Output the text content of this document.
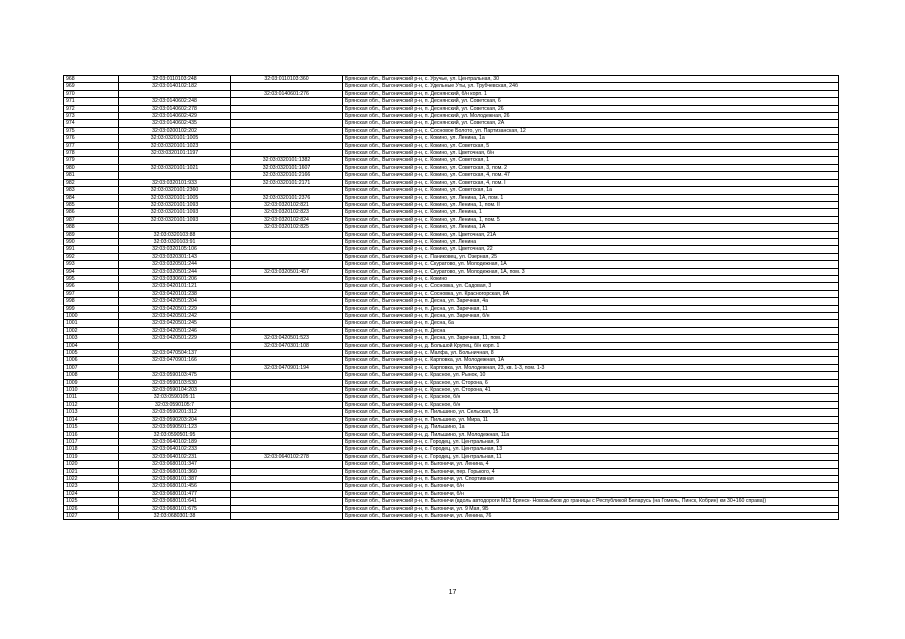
968	32:03:0110103:248	32:03:0110103:360	Брянская обл., Выгоничский р-н, с. Уручье, ул. Центральная, 30
969	32:03:0140102:182		Брянская обл., Выгоничский р-н, с. Удельные Уты, ул. Трубчевская, 24б
970		32:03:0140601:276	Брянская обл., Выгоничский р-н, п. Деснянский, б/н корп. 1
971	32:03:0140602:248		Брянская обл., Выгоничский р-н, п. Деснянский, ул. Советская, 6
972	32:03:0140602:278		Брянская обл., Выгоничский р-н, п. Деснянский, ул. Советская, 26
973	32:03:0140602:429		Брянская обл., Выгоничский р-н, п. Деснянский, ул. Молодежная, 26
974	32:03:0140602:435		Брянская обл., Выгоничский р-н, п. Деснянский, ул. Советская, 2А
975	32:03:0200102:202		Брянская обл., Выгоничский р-н, с. Сосновое Болото, ул. Партизанская, 12
976	32:03:0320101:1005		Брянская обл., Выгоничский р-н, с. Кокино, ул. Ленина, 1а
977	32:03:0320101:1023		Брянская обл., Выгоничский р-н, с. Кокино, ул. Советская, 5
978	32:03:0320101:1197		Брянская обл., Выгоничский р-н, с. Кокино, ул. Цветочная, б/н
979		32:03:0320101:1382	Брянская обл., Выгоничский р-н, с. Кокино, ул. Советская, 1
980	32:03:0320101:1021	32:03:0320101:1607	Брянская обл., Выгоничский р-н, с. Кокино, ул. Советская, 3, пом. 2
981		32:03:0320101:2166	Брянская обл., Выгоничский р-н, с. Кокино, ул. Советская, 4, пом. 47
982	32:03:0320101:933	32:03:0320101:2171	Брянская обл., Выгоничский р-н, с. Кокино, ул. Советская, 4, пом. I
983	32:03:0320101:2360		Брянская обл., Выгоничский р-н, с. Кокино, ул. Советская, 1а
984	32:03:0320101:1005	32:03:0320101:2376	Брянская обл., Выгоничский р-н, с. Кокино, ул. Ленина, 1А, пом. 1
985	32:03:0320101:1093	32:03:0320102:821	Брянская обл., Выгоничский р-н, с. Кокино, ул. Ленина, 1, пом. II
986	32:03:0320101:1093	32:03:0320102:823	Брянская обл., Выгоничский р-н, с. Кокино, ул. Ленина, 1
987	32:03:0320101:1093	32:03:0320102:824	Брянская обл., Выгоничский р-н, с. Кокино, ул. Ленина, 1, пом. 5
988		32:03:0320102:825	Брянская обл., Выгоничский р-н, с. Кокино, ул. Ленина, 1А
989	32:03:0320103:88		Брянская обл., Выгоничский р-н, с. Кокино, ул. Цветочная, 21А
990	32:03:0320103:91		Брянская обл., Выгоничский р-н, с. Кокино, ул. Ленина
991	32:03:0320105:106		Брянская обл., Выгоничский р-н, с. Кокино, ул. Цветочная, 22
992	32:03:0320301:143		Брянская обл., Выгоничский р-н, с. Паниковец, ул. Озерная, 25
993	32:03:0320501:244		Брянская обл., Выгоничский р-н, с. Скуратово, ул. Молодежная, 1А
994	32:03:0320501:244	32:03:0320501:457	Брянская обл., Выгоничский р-н, с. Скуратово, ул. Молодежная, 1А, пом. 3
995	32:03:0330601:206		Брянская обл., Выгоничский р-н, с. Кокино
996	32:03:0420101:121		Брянская обл., Выгоничский р-н, с. Сосновка, ул. Садовая, 3
997	32:03:0420101:238		Брянская обл., Выгоничский р-н, с. Сосновка, ул. Красногорская, 8А
998	32:03:0420501:204		Брянская обл., Выгоничский р-н, п. Десна, ул. Заречная, 4а
999	32:03:0420501:229		Брянская обл., Выгоничский р-н, п. Десна, ул. Заречная, 11
1000	32:03:0420501:242		Брянская обл., Выгоничский р-н, п. Десна, ул. Заречная, б/н
1001	32:03:0420501:245		Брянская обл., Выгоничский р-н, п. Десна, 6а
1002	32:03:0420501:246		Брянская обл., Выгоничский р-н, п. Десна
1003	32:03:0420501:229	32:03:0420501:523	Брянская обл., Выгоничский р-н, п. Десна, ул. Заречная, 11, пом. 2
1004		32:03:0470301:108	Брянская обл., Выгоничский р-н, д. Большой Крупец, б/н корп. 1
1005	32:03:0470504:137		Брянская обл., Выгоничский р-н, с. Малфа, ул. Больничная, 8
1006	32:03:0470901:166		Брянская обл., Выгоничский р-н, с. Карповка, ул. Молодежная, 1А
1007		32:03:0470901:194	Брянская обл., Выгоничский р-н, с. Карповка, ул. Молодежная, 23, кв. 1-3, пом. 1-3
1008	32:03:0590103:475		Брянская обл., Выгоничский р-н, с. Красное, ул. Рынок, 10
1009	32:03:0590103:530		Брянская обл., Выгоничский р-н, с. Красное, ул. Сторона, 6
1010	32:03:0590104:203		Брянская обл., Выгоничский р-н, с. Красное, ул. Сторона, 41
1011	32:03:0590105:11		Брянская обл., Выгоничский р-н, с. Красное, б/н
1012	32:03:0590105:7		Брянская обл., Выгоничский р-н, с. Красное, б/н
1013	32:03:0590201:312		Брянская обл., Выгоничский р-н, п. Пильшино, ул. Сельская, 15
1014	32:03:0590203:204		Брянская обл., Выгоничский р-н, п. Пильшино, ул. Мира, 11
1015	32:03:0590501:123		Брянская обл., Выгоничский р-н, д. Пильшино, 1а
1016	32:03:0590501:95		Брянская обл., Выгоничский р-н, д. Пильшино, ул. Молодежная, 11а
1017	32:03:0640102:189		Брянская обл., Выгоничский р-н, с. Городец, ул. Центральная, 9
1018	32:03:0640102:233		Брянская обл., Выгоничский р-н, с. Городец, ул. Центральная, 13
1019	32:03:0640102:231	32:03:0640102:278	Брянская обл., Выгоничский р-н, с. Городец, ул. Центральная, 11
1020	32:03:0680101:347		Брянская обл., Выгоничский р-н, п. Выгоничи, ул. Ленина, 4
1021	32:03:0680101:360		Брянская обл., Выгоничский р-н, п. Выгоничи, пер. Горького, 4
1022	32:03:0680101:387		Брянская обл., Выгоничский р-н, п. Выгоничи, ул. Спортивная
1023	32:03:0680101:456		Брянская обл., Выгоничский р-н, п. Выгоничи, б/н
1024	32:03:0680101:477		Брянская обл., Выгоничский р-н, п. Выгоничи, б/н
1025	32:03:0680101:641		Брянская обл., Выгоничский р-н, п. Выгоничи (вдоль автодороги М13 Брянск- Новозыбков до границы с Республикой Беларусь (на Гомель, Пинск, Кобрин) км 30+160 справа))
1026	32:03:0680101:675		Брянская обл., Выгоничский р-н, п. Выгоничи, ул. 9 Мая, 9Б
1027	32:03:0680301:38		Брянская обл., Выгоничский р-н, п. Выгоничи, ул. Ленина, 76
17
